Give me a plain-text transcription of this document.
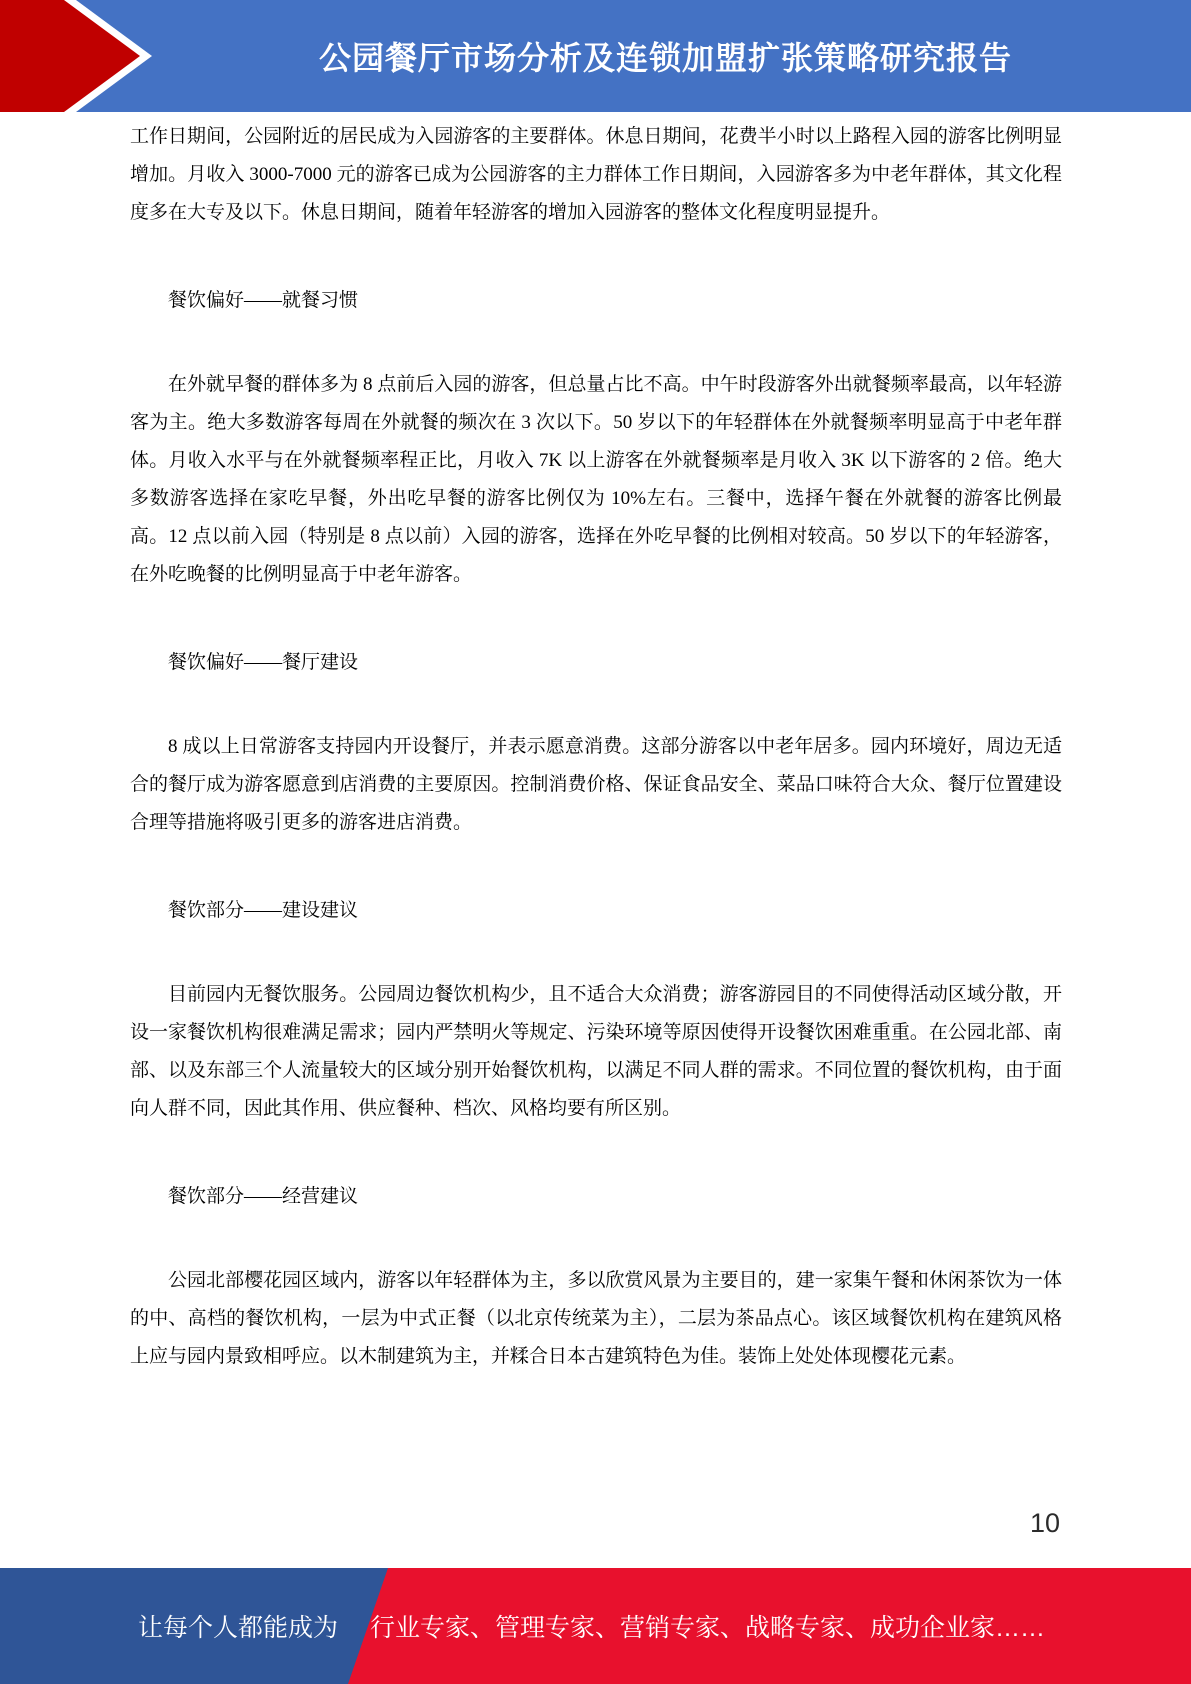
公园餐厅市场分析及连锁加盟扩张策略研究报告

工作日期间，公园附近的居民成为入园游客的主要群体。休息日期间，花费半小时以上路程入园的游客比例明显增加。月收入 3000-7000 元的游客已成为公园游客的主力群体工作日期间，入园游客多为中老年群体，其文化程度多在大专及以下。休息日期间，随着年轻游客的增加入园游客的整体文化程度明显提升。

餐饮偏好——就餐习惯

在外就早餐的群体多为 8 点前后入园的游客，但总量占比不高。中午时段游客外出就餐频率最高，以年轻游客为主。绝大多数游客每周在外就餐的频次在 3 次以下。50 岁以下的年轻群体在外就餐频率明显高于中老年群体。月收入水平与在外就餐频率程正比，月收入 7K 以上游客在外就餐频率是月收入 3K 以下游客的 2 倍。绝大多数游客选择在家吃早餐，外出吃早餐的游客比例仅为 10%左右。三餐中，选择午餐在外就餐的游客比例最高。12 点以前入园（特别是 8 点以前）入园的游客，选择在外吃早餐的比例相对较高。50 岁以下的年轻游客，在外吃晚餐的比例明显高于中老年游客。

餐饮偏好——餐厅建设

8 成以上日常游客支持园内开设餐厅，并表示愿意消费。这部分游客以中老年居多。园内环境好，周边无适合的餐厅成为游客愿意到店消费的主要原因。控制消费价格、保证食品安全、菜品口味符合大众、餐厅位置建设合理等措施将吸引更多的游客进店消费。

餐饮部分——建设建议

目前园内无餐饮服务。公园周边餐饮机构少，且不适合大众消费；游客游园目的不同使得活动区域分散，开设一家餐饮机构很难满足需求；园内严禁明火等规定、污染环境等原因使得开设餐饮困难重重。在公园北部、南部、以及东部三个人流量较大的区域分别开始餐饮机构，以满足不同人群的需求。不同位置的餐饮机构，由于面向人群不同，因此其作用、供应餐种、档次、风格均要有所区别。

餐饮部分——经营建议

公园北部樱花园区域内，游客以年轻群体为主，多以欣赏风景为主要目的，建一家集午餐和休闲茶饮为一体的中、高档的餐饮机构，一层为中式正餐（以北京传统菜为主），二层为茶品点心。该区域餐饮机构在建筑风格上应与园内景致相呼应。以木制建筑为主，并糅合日本古建筑特色为佳。装饰上处处体现樱花元素。

10
让每个人都能成为 行业专家、管理专家、营销专家、战略专家、成功企业家……
